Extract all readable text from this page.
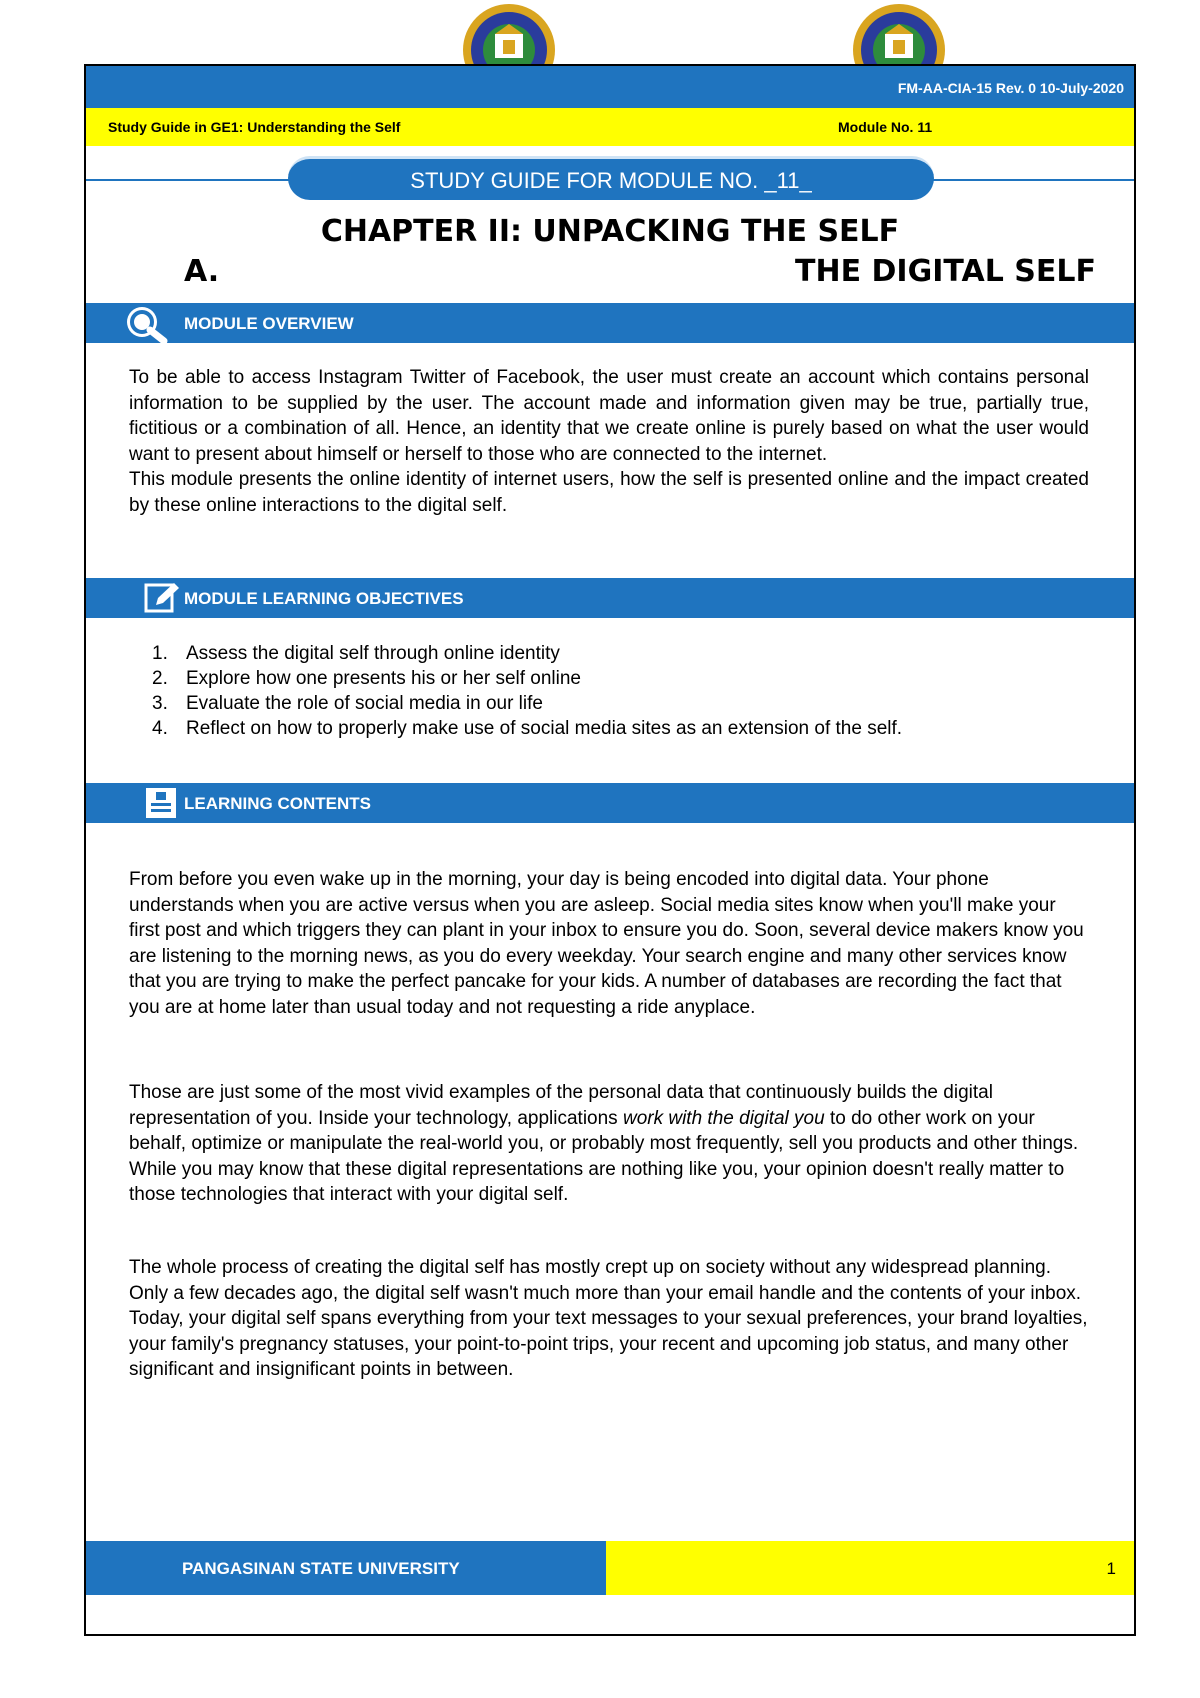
FM-AA-CIA-15 Rev. 0 10-July-2020
Study Guide in GE1: Understanding the Self	Module No. 11
STUDY GUIDE FOR MODULE NO. _11_
CHAPTER II: UNPACKING THE SELF
A.	THE DIGITAL SELF
MODULE OVERVIEW

To be able to access Instagram Twitter of Facebook, the user must create an account which contains personal information to be supplied by the user. The account made and information given may be true, partially true, fictitious or a combination of all. Hence, an identity that we create online is purely based on what the user would want to present about himself or herself to those who are connected to the internet.

This module presents the online identity of internet users, how the self is presented online and the impact created by these online interactions to the digital self.

MODULE LEARNING OBJECTIVES
1. Assess the digital self through online identity
2. Explore how one presents his or her self online
3. Evaluate the role of social media in our life
4. Reflect on how to properly make use of social media sites as an extension of the self.
LEARNING CONTENTS
From before you even wake up in the morning, your day is being encoded into digital data. Your phone understands when you are active versus when you are asleep. Social media sites know when you'll make your first post and which triggers they can plant in your inbox to ensure you do. Soon, several device makers know you are listening to the morning news, as you do every weekday. Your search engine and many other services know that you are trying to make the perfect pancake for your kids. A number of databases are recording the fact that you are at home later than usual today and not requesting a ride anyplace.
Those are just some of the most vivid examples of the personal data that continuously builds the digital representation of you. Inside your technology, applications work with the digital you to do other work on your behalf, optimize or manipulate the real-world you, or probably most frequently, sell you products and other things. While you may know that these digital representations are nothing like you, your opinion doesn't really matter to those technologies that interact with your digital self.
The whole process of creating the digital self has mostly crept up on society without any widespread planning. Only a few decades ago, the digital self wasn't much more than your email handle and the contents of your inbox. Today, your digital self spans everything from your text messages to your sexual preferences, your brand loyalties, your family's pregnancy statuses, your point-to-point trips, your recent and upcoming job status, and many other significant and insignificant points in between.
PANGASINAN STATE UNIVERSITY	1
